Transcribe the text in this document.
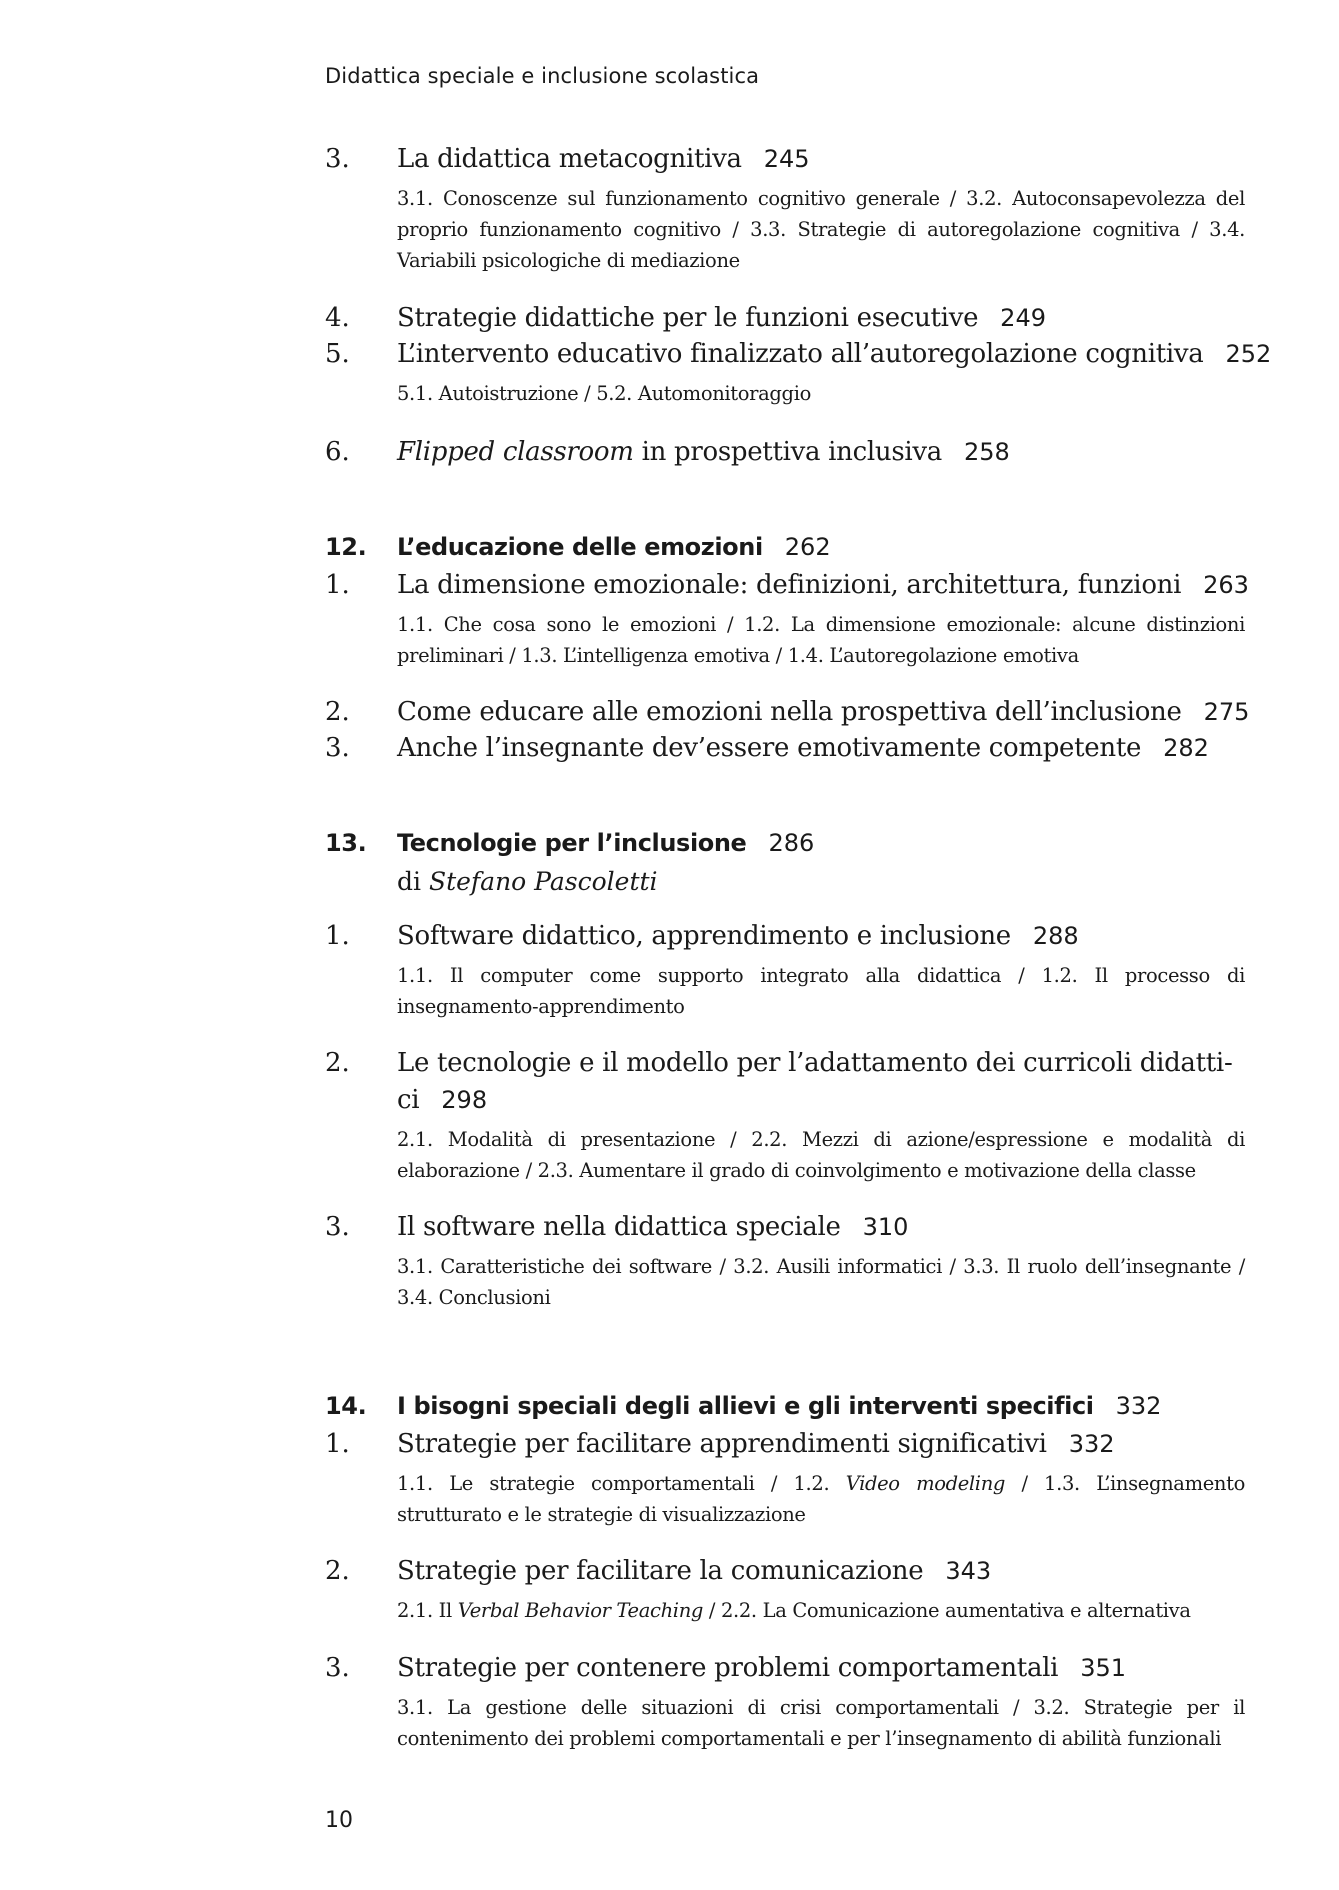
Didattica speciale e inclusione scolastica
3. La didattica metacognitiva 245
3.1. Conoscenze sul funzionamento cognitivo generale / 3.2. Autoconsapevolezza del proprio funzionamento cognitivo / 3.3. Strategie di autoregolazione cognitiva / 3.4. Variabili psicologiche di mediazione
4. Strategie didattiche per le funzioni esecutive 249
5. L’intervento educativo finalizzato all’autoregolazione cognitiva 252
5.1. Autoistruzione / 5.2. Automonitoraggio
6. Flipped classroom in prospettiva inclusiva 258
12. L’educazione delle emozioni 262
1. La dimensione emozionale: definizioni, architettura, funzioni 263
1.1. Che cosa sono le emozioni / 1.2. La dimensione emozionale: alcune distinzioni preliminari / 1.3. L’intelligenza emotiva / 1.4. L’autoregolazione emotiva
2. Come educare alle emozioni nella prospettiva dell’inclusione 275
3. Anche l’insegnante dev’essere emotivamente competente 282
13. Tecnologie per l’inclusione 286
di Stefano Pascoletti
1. Software didattico, apprendimento e inclusione 288
1.1. Il computer come supporto integrato alla didattica / 1.2. Il processo di insegnamento-apprendimento
2. Le tecnologie e il modello per l’adattamento dei curricoli didatti-
ci 298
2.1. Modalità di presentazione / 2.2. Mezzi di azione/espressione e modalità di elaborazione / 2.3. Aumentare il grado di coinvolgimento e motivazione della classe
3. Il software nella didattica speciale 310
3.1. Caratteristiche dei software / 3.2. Ausili informatici / 3.3. Il ruolo dell’insegnante / 3.4. Conclusioni
14. I bisogni speciali degli allievi e gli interventi specifici 332
1. Strategie per facilitare apprendimenti significativi 332
1.1. Le strategie comportamentali / 1.2. Video modeling / 1.3. L’insegnamento strutturato e le strategie di visualizzazione
2. Strategie per facilitare la comunicazione 343
2.1. Il Verbal Behavior Teaching / 2.2. La Comunicazione aumentativa e alternativa
3. Strategie per contenere problemi comportamentali 351
3.1. La gestione delle situazioni di crisi comportamentali / 3.2. Strategie per il contenimento dei problemi comportamentali e per l’insegnamento di abilità funzionali
10
